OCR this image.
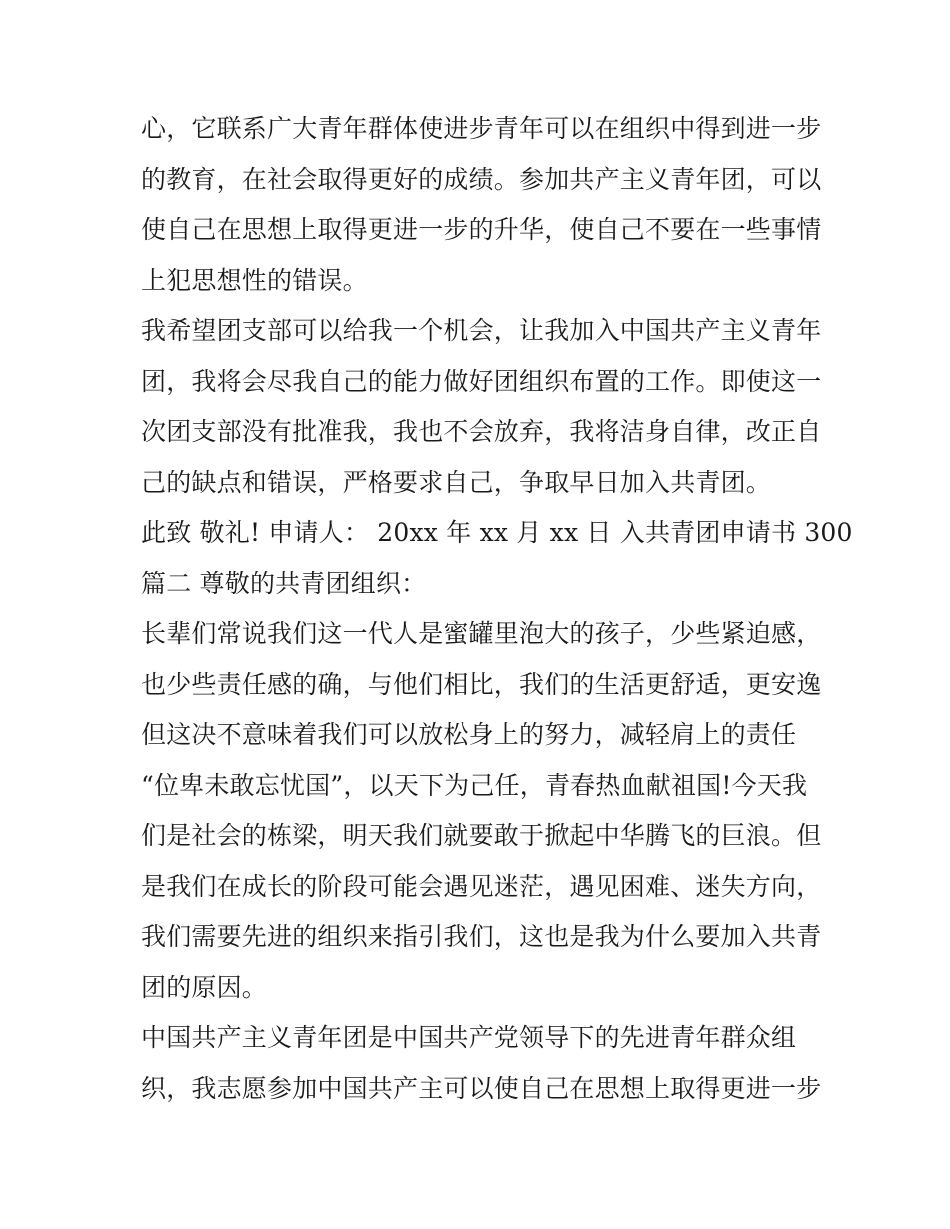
心，它联系广大青年群体使进步青年可以在组织中得到进一步
的教育，在社会取得更好的成绩。参加共产主义青年团，可以
使自己在思想上取得更进一步的升华，使自己不要在一些事情
上犯思想性的错误。
我希望团支部可以给我一个机会，让我加入中国共产主义青年
团，我将会尽我自己的能力做好团组织布置的工作。即使这一
次团支部没有批准我，我也不会放弃，我将洁身自律，改正自
己的缺点和错误，严格要求自己，争取早日加入共青团。
此致 敬礼! 申请人： 20xx 年 xx 月 xx 日 入共青团申请书 300
篇二 尊敬的共青团组织：
长辈们常说我们这一代人是蜜罐里泡大的孩子，少些紧迫感，
也少些责任感的确，与他们相比，我们的生活更舒适，更安逸
但这决不意味着我们可以放松身上的努力，减轻肩上的责任
“位卑未敢忘忧国”，以天下为己任，青春热血献祖国!今天我
们是社会的栋梁，明天我们就要敢于掀起中华腾飞的巨浪。但
是我们在成长的阶段可能会遇见迷茫，遇见困难、迷失方向，
我们需要先进的组织来指引我们，这也是我为什么要加入共青
团的原因。
中国共产主义青年团是中国共产党领导下的先进青年群众组
织，我志愿参加中国共产主可以使自己在思想上取得更进一步
